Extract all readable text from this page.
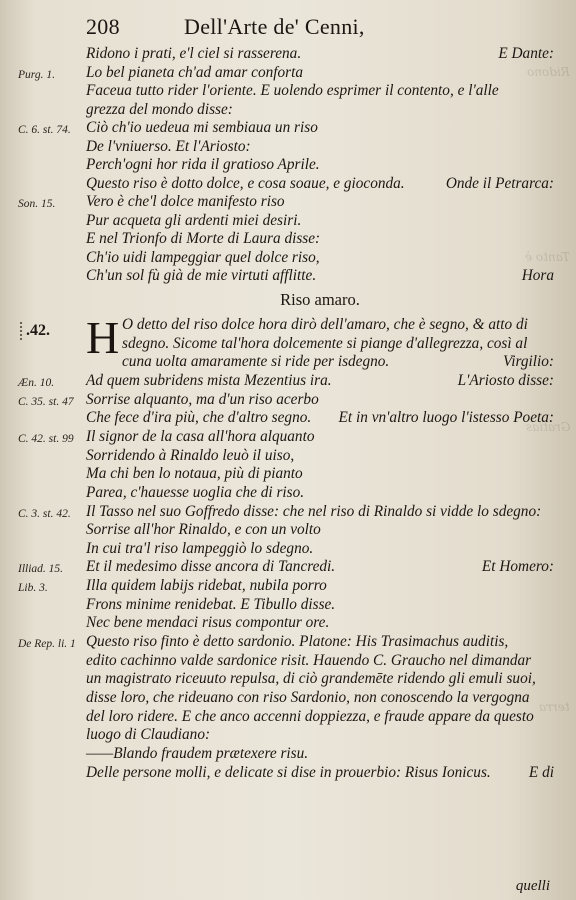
208	Dell'Arte de' Cenni,
Ridono i prati, e'l ciel si rasserena.	E Dante:
Lo bel pianeta ch'ad amar conforta
Faceua tutto rider l'oriente. E uolendo esprimer il contento, e l'alle
grezza del mondo disse:
Ciò ch'io uedeua mi sembiaua un riso
De l'vniuerso. Et l'Ariosto:
Perch'ogni hor rida il gratioso Aprile.
Questo riso è dotto dolce, e cosa soaue, e gioconda.	Onde il Petrarca:
Vero è che'l dolce manifesto riso
Pur acqueta gli ardenti miei desiri.
E nel Trionfo di Morte di Laura disse:
Ch'io uidi lampeggiar quel dolce riso,
Ch'un sol fù già de mie virtuti afflitte.	Hora
O detto del riso dolce hora dirò dell'amaro, che è segno, & atto di
sdegno. Sicome tal'hora dolcemente si piange d'allegrezza, così al
cuna uolta amaramente si ride per isdegno.	Virgilio:
Ad quem subridens mista Mezentius ira.	L'Ariosto disse:
Sorrise alquanto, ma d'un riso acerbo
Che fece d'ira più, che d'altro segno. Et in vn'altro luogo l'istesso Poeta:
Il signor de la casa all'hora alquanto
Sorridendo à Rinaldo leuò il uiso,
Ma chi ben lo notaua, più di pianto
Parea, c'hauesse uoglia che di riso.
Il Tasso nel suo Goffredo disse: che nel riso di Rinaldo si vidde lo sdegno:
Sorrise all'hor Rinaldo, e con un volto
In cui tra'l riso lampeggiò lo sdegno.
Et il medesimo disse ancora di Tancredi.	Et Homero:
Illa quidem labijs ridebat, nubila porro
Frons minime renidebat. E Tibullo disse.
Nec bene mendaci risus compontur ore.
Questo riso finto è detto sardonio. Platone: His Trasimachus auditis,
edito cachinno valde sardonice risit. Hauendo C. Graucho nel dimandar
un magistrato riceuuto repulsa, di ciò grandemēte ridendo gli emuli suoi,
disse loro, che rideuano con riso Sardonio, non conoscendo la vergogna
del loro ridere. E che anco accenni doppiezza, e fraude appare da questo
luogo di Claudiano:
——Blando fraudem prætexere risu.
Delle persone molli, e delicate si dise in prouerbio: Risus Ionicus. E di
Purg. 1.
C. 6. st. 74.
Son. 15.
Æn. 10.
C. 35. st. 47
C. 42. st. 99
C. 3. st. 42.
Illiad. 15.
Lib. 3.
De Rep. li. 1
Riso amaro.
.42. H
quelli
Ridono
Tanto è
Gratias
terra
